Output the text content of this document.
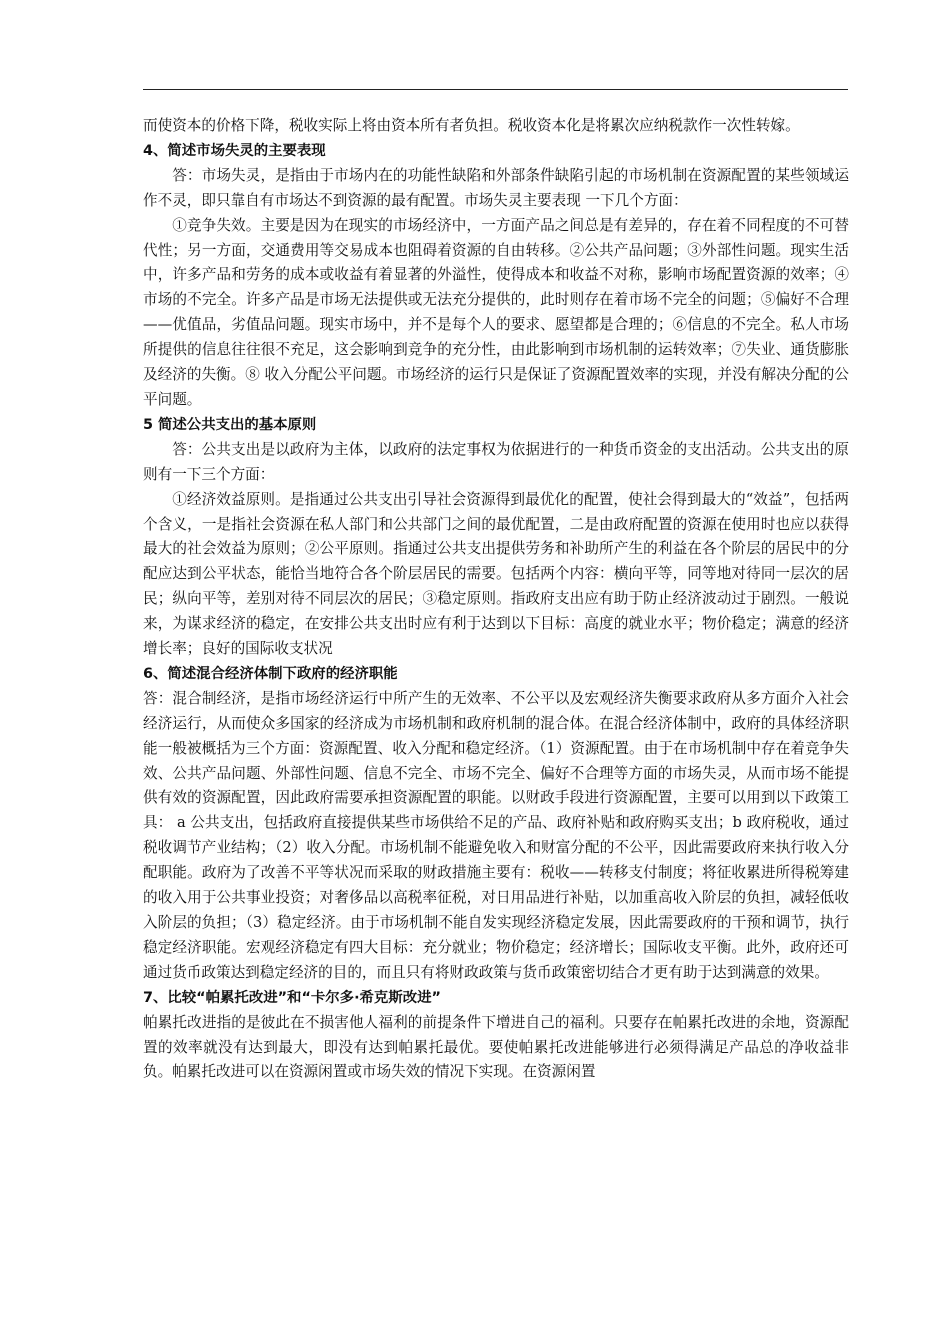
而使资本的价格下降，税收实际上将由资本所有者负担。税收资本化是将累次应纳税款作一次性转嫁。

4、简述市场失灵的主要表现

答：市场失灵，是指由于市场内在的功能性缺陷和外部条件缺陷引起的市场机制在资源配置的某些领域运作不灵，即只靠自有市场达不到资源的最有配置。市场失灵主要表现 一下几个方面：

①竞争失效。主要是因为在现实的市场经济中，一方面产品之间总是有差异的，存在着不同程度的不可替代性；另一方面，交通费用等交易成本也阻碍着资源的自由转移。②公共产品问题；③外部性问题。现实生活中，许多产品和劳务的成本或收益有着显著的外溢性，使得成本和收益不对称，影响市场配置资源的效率；④市场的不完全。许多产品是市场无法提供或无法充分提供的，此时则存在着市场不完全的问题；⑤偏好不合理——优值品，劣值品问题。现实市场中，并不是每个人的要求、愿望都是合理的；⑥信息的不完全。私人市场所提供的信息往往很不充足，这会影响到竞争的充分性，由此影响到市场机制的运转效率；⑦失业、通货膨胀及经济的失衡。⑧ 收入分配公平问题。市场经济的运行只是保证了资源配置效率的实现，并没有解决分配的公平问题。

5 简述公共支出的基本原则

答：公共支出是以政府为主体，以政府的法定事权为依据进行的一种货币资金的支出活动。公共支出的原则有一下三个方面：

①经济效益原则。是指通过公共支出引导社会资源得到最优化的配置，使社会得到最大的“效益”，包括两个含义，一是指社会资源在私人部门和公共部门之间的最优配置，二是由政府配置的资源在使用时也应以获得最大的社会效益为原则；②公平原则。指通过公共支出提供劳务和补助所产生的利益在各个阶层的居民中的分配应达到公平状态，能恰当地符合各个阶层居民的需要。包括两个内容：横向平等，同等地对待同一层次的居民；纵向平等，差别对待不同层次的居民；③稳定原则。指政府支出应有助于防止经济波动过于剧烈。一般说来，为谋求经济的稳定，在安排公共支出时应有利于达到以下目标：高度的就业水平；物价稳定；满意的经济增长率；良好的国际收支状况

6、简述混合经济体制下政府的经济职能

答：混合制经济，是指市场经济运行中所产生的无效率、不公平以及宏观经济失衡要求政府从多方面介入社会经济运行，从而使众多国家的经济成为市场机制和政府机制的混合体。在混合经济体制中，政府的具体经济职能一般被概括为三个方面：资源配置、收入分配和稳定经济。（1）资源配置。由于在市场机制中存在着竞争失效、公共产品问题、外部性问题、信息不完全、市场不完全、偏好不合理等方面的市场失灵，从而市场不能提供有效的资源配置，因此政府需要承担资源配置的职能。以财政手段进行资源配置，主要可以用到以下政策工具： a 公共支出，包括政府直接提供某些市场供给不足的产品、政府补贴和政府购买支出；b 政府税收，通过税收调节产业结构；（2）收入分配。市场机制不能避免收入和财富分配的不公平，因此需要政府来执行收入分配职能。政府为了改善不平等状况而采取的财政措施主要有：税收——转移支付制度；将征收累进所得税筹建的收入用于公共事业投资；对奢侈品以高税率征税，对日用品进行补贴，以加重高收入阶层的负担，减轻低收入阶层的负担；（3）稳定经济。由于市场机制不能自发实现经济稳定发展，因此需要政府的干预和调节，执行稳定经济职能。宏观经济稳定有四大目标：充分就业；物价稳定；经济增长；国际收支平衡。此外，政府还可通过货币政策达到稳定经济的目的，而且只有将财政政策与货币政策密切结合才更有助于达到满意的效果。

7、比较“帕累托改进”和“卡尔多·希克斯改进”

帕累托改进指的是彼此在不损害他人福利的前提条件下增进自己的福利。只要存在帕累托改进的余地，资源配置的效率就没有达到最大，即没有达到帕累托最优。要使帕累托改进能够进行必须得满足产品总的净收益非负。帕累托改进可以在资源闲置或市场失效的情况下实现。在资源闲置
